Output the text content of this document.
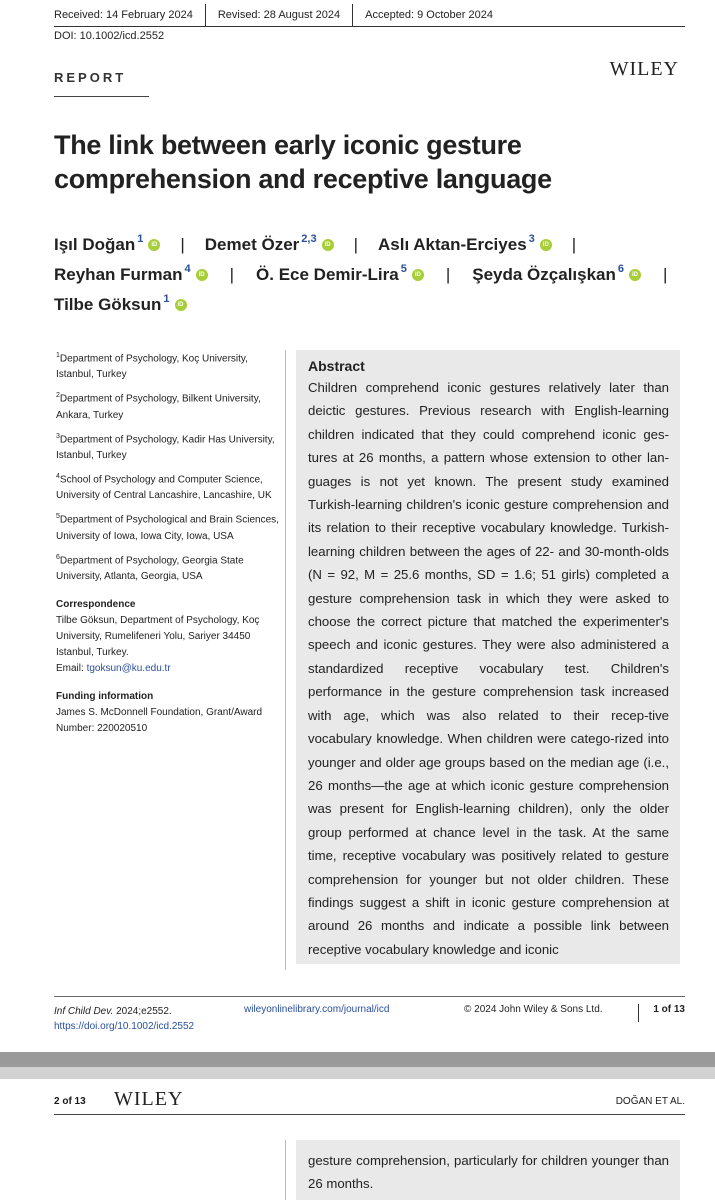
Received: 14 February 2024	Revised: 28 August 2024	Accepted: 9 October 2024
DOI: 10.1002/icd.2552
REPORT	WILEY
The link between early iconic gesture
comprehension and receptive language
Işıl Doğan$^1$	iD | Demet Özer$^{2,3}$	iD | Aslı Aktan-Erciyes$^3$	iD |
Reyhan Furman$^4$	iD | Ö. Ece Demir-Lira$^5$	iD | Şeyda Özçalışkan$^6$	iD |
Tilbe Göksun$^1$	iD
$^1$Department of Psychology, Koç University, Istanbul, Turkey
$^2$Department of Psychology, Bilkent University, Ankara, Turkey
$^3$Department of Psychology, Kadir Has University, Istanbul, Turkey
$^4$School of Psychology and Computer Science, University of Central Lancashire, Lancashire, UK
$^5$Department of Psychological and Brain Sciences, University of Iowa, Iowa City, Iowa, USA
$^6$Department of Psychology, Georgia State University, Atlanta, Georgia, USA
Correspondence
Tilbe Göksun, Department of Psychology, Koç University, Rumelifeneri Yolu, Sariyer 34450 Istanbul, Turkey.
Email: tgoksun@ku.edu.tr
Funding information
James S. McDonnell Foundation, Grant/Award Number: 220020510
Abstract

Children comprehend iconic gestures relatively later than deictic gestures. Previous research with English-learning children indicated that they could comprehend iconic ges-tures at 26 months, a pattern whose extension to other lan-guages is not yet known. The present study examined Turkish-learning children's iconic gesture comprehension and its relation to their receptive vocabulary knowledge. Turkish-learning children between the ages of 22- and 30-month-olds (N = 92, M = 25.6 months, SD = 1.6; 51 girls) completed a gesture comprehension task in which they were asked to choose the correct picture that matched the experimenter's speech and iconic gestures. They were also administered a standardized receptive vocabulary test. Children's performance in the gesture comprehension task increased with age, which was also related to their recep-tive vocabulary knowledge. When children were catego-rized into younger and older age groups based on the median age (i.e., 26 months—the age at which iconic gesture comprehension was present for English-learning children), only the older group performed at chance level in the task. At the same time, receptive vocabulary was positively related to gesture comprehension for younger but not older children. These findings suggest a shift in iconic gesture comprehension at around 26 months and indicate a possible link between receptive vocabulary knowledge and iconic

Inf Child Dev. 2024;e2552.
https://doi.org/10.1002/icd.2552
wileyonlinelibrary.com/journal/icd	© 2024 John Wiley & Sons Ltd.	1 of 13
2 of 13 WILEY	DOĞAN ET AL.

gesture comprehension, particularly for children younger than 26 months.
